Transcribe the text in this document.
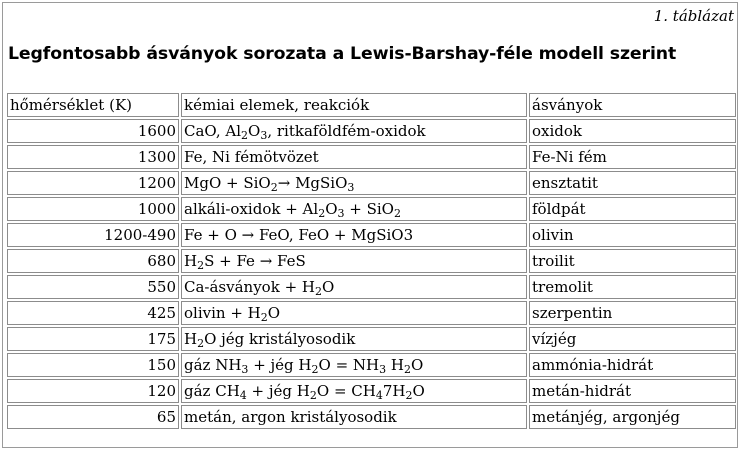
1. táblázat
Legfontosabb ásványok sorozata a Lewis-Barshay-féle modell szerint
hőmérséklet (K)	kémiai elemek, reakciók	ásványok
1600	CaO, $Al_2O_3$, ritkaföldfém-oxidok	oxidok
1300	Fe, Ni fémötvözet	Fe-Ni fém
1200	MgO + SiO$_2$→ MgSiO$_3$	ensztatit
1000	alkáli-oxidok + $Al_2O_3 + SiO_2$	földpát
1200-490	Fe + O → FeO, FeO + MgSiO3	olivin
680	$H_2S + Fe$ → FeS	troilit
550	Ca-ásványok + $H_2O$	tremolit
425	olivin + $H_2O$	szerpentin
175	$H_2O$ jég kristályosodik	vízjég
150	gáz $NH_3$ + jég $H_2O = NH_3$ $H_2O$	ammónia-hidrát
120	gáz $CH_4$ + jég $H_2O = CH_47H_2O$	metán-hidrát
65	metán, argon kristályosodik	metánjég, argonjég
